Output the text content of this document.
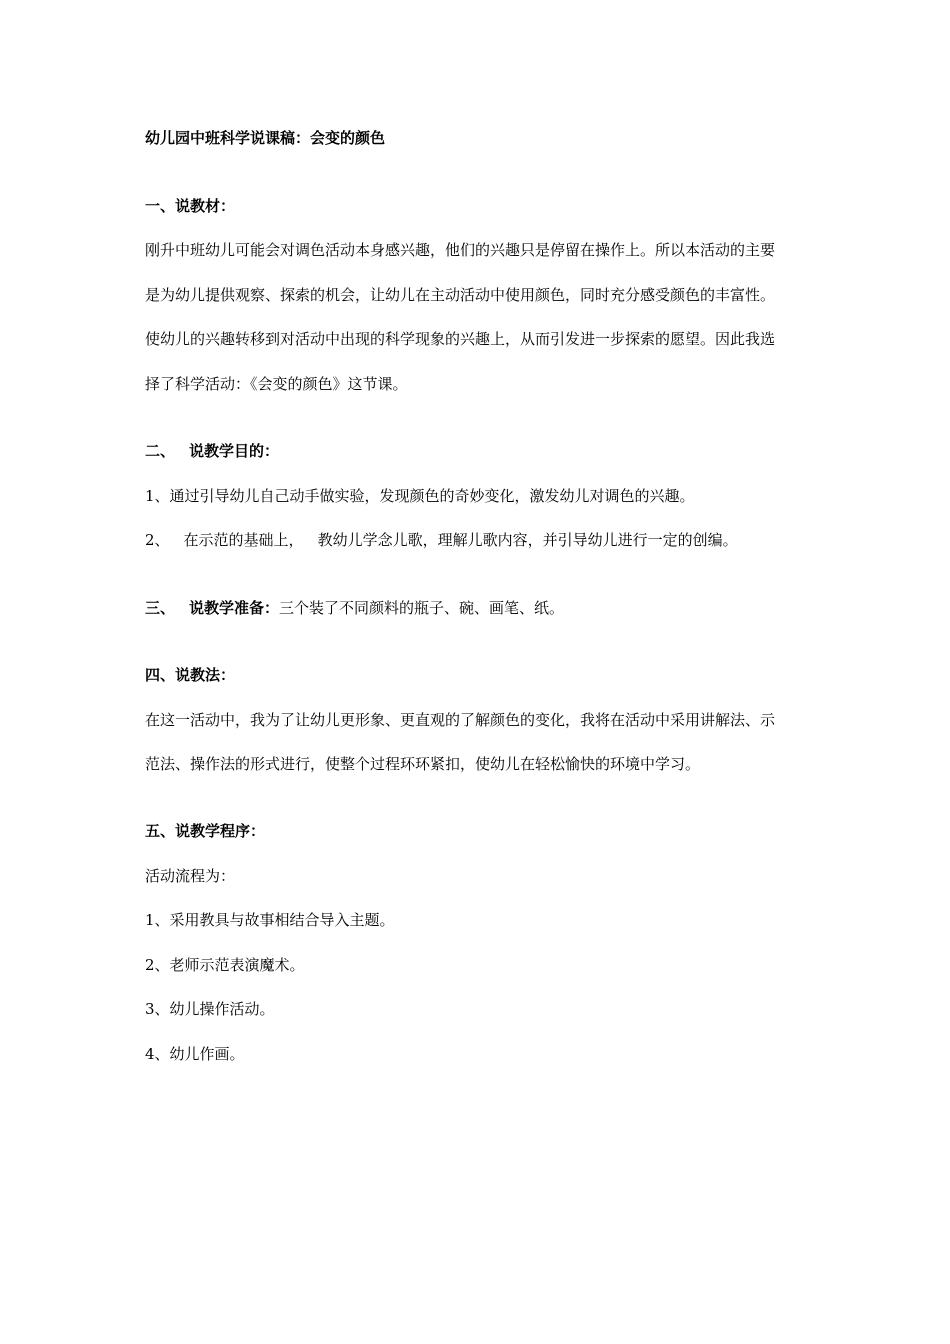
幼儿园中班科学说课稿：会变的颜色
一、说教材：
刚升中班幼儿可能会对调色活动本身感兴趣，他们的兴趣只是停留在操作上。所以本活动的主要
是为幼儿提供观察、探索的机会，让幼儿在主动活动中使用颜色，同时充分感受颜色的丰富性。
使幼儿的兴趣转移到对活动中出现的科学现象的兴趣上，从而引发进一步探索的愿望。因此我选
择了科学活动：《会变的颜色》这节课。
二、 说教学目的：
1、通过引导幼儿自己动手做实验，发现颜色的奇妙变化，激发幼儿对调色的兴趣。
2、 在示范的基础上， 教幼儿学念儿歌，理解儿歌内容，并引导幼儿进行一定的创编。
三、 说教学准备：三个装了不同颜料的瓶子、碗、画笔、纸。
四、说教法：
在这一活动中，我为了让幼儿更形象、更直观的了解颜色的变化，我将在活动中采用讲解法、示
范法、操作法的形式进行，使整个过程环环紧扣，使幼儿在轻松愉快的环境中学习。
五、说教学程序：
活动流程为：
1、采用教具与故事相结合导入主题。
2、老师示范表演魔术。
3、幼儿操作活动。
4、幼儿作画。
